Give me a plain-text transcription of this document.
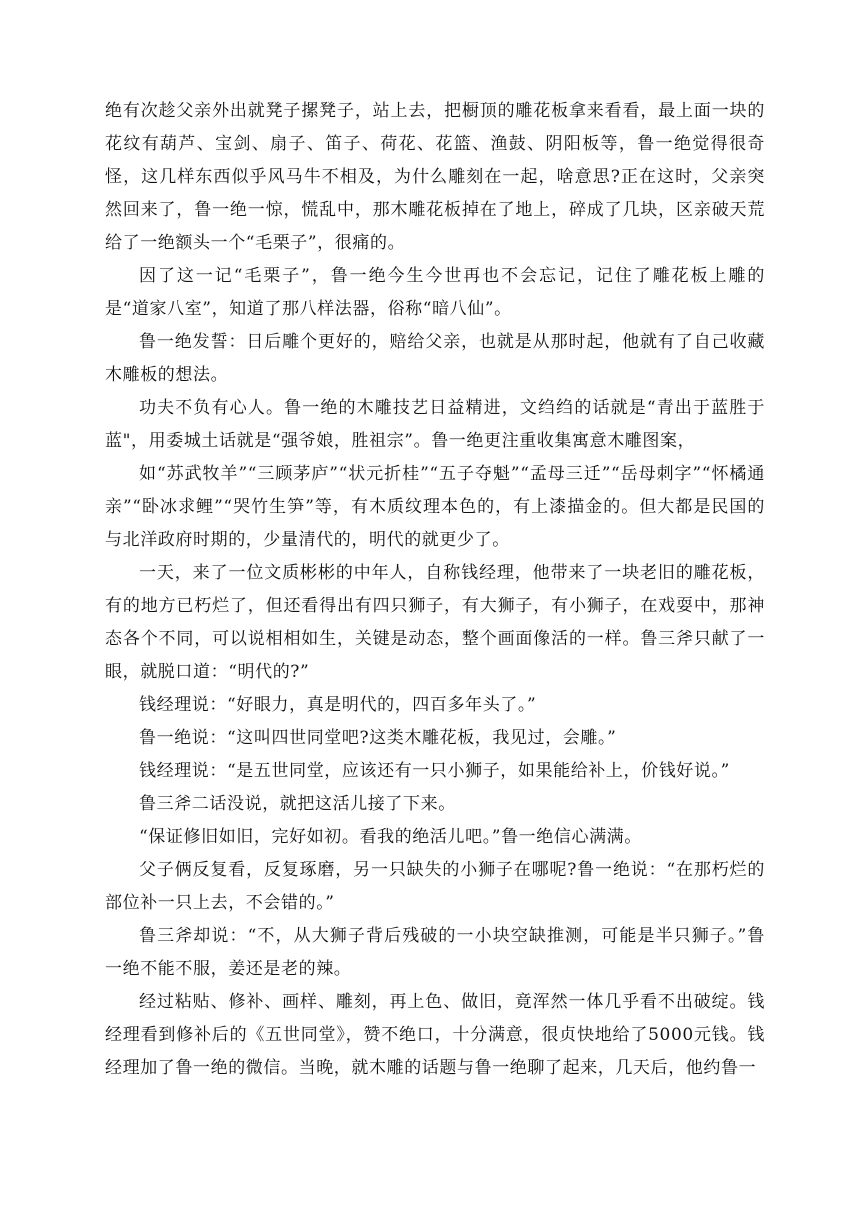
绝有次趁父亲外出就凳子摞凳子，站上去，把橱顶的雕花板拿来看看，最上面一块的花纹有葫芦、宝剑、扇子、笛子、荷花、花篮、渔鼓、阴阳板等，鲁一绝觉得很奇怪，这几样东西似乎风马牛不相及，为什么雕刻在一起，啥意思?正在这时，父亲突然回来了，鲁一绝一惊，慌乱中，那木雕花板掉在了地上，碎成了几块，区亲破天荒给了一绝额头一个“毛栗子”，很痛的。

因了这一记“毛栗子”，鲁一绝今生今世再也不会忘记，记住了雕花板上雕的是“道家八室”，知道了那八样法器，俗称“暗八仙”。

鲁一绝发誓：日后雕个更好的，赔给父亲，也就是从那时起，他就有了自己收藏木雕板的想法。

功夫不负有心人。鲁一绝的木雕技艺日益精进，文绉绉的话就是“青出于蓝胜于蓝"，用委城土话就是“强爷娘，胜祖宗”。鲁一绝更注重收集寓意木雕图案，

如“苏武牧羊”“三顾茅庐”“状元折桂”“五子夺魁”“孟母三迁”“岳母刺字”“怀橘通亲”“卧冰求鲤”“哭竹生笋”等，有木质纹理本色的，有上漆描金的。但大都是民国的与北洋政府时期的，少量清代的，明代的就更少了。

一天，来了一位文质彬彬的中年人，自称钱经理，他带来了一块老旧的雕花板，有的地方已朽烂了，但还看得出有四只狮子，有大狮子，有小狮子，在戏耍中，那神态各个不同，可以说相相如生，关键是动态，整个画面像活的一样。鲁三斧只献了一眼，就脱口道：“明代的?”

钱经理说：“好眼力，真是明代的，四百多年头了。”

鲁一绝说：“这叫四世同堂吧?这类木雕花板，我见过，会雕。”

钱经理说：“是五世同堂，应该还有一只小狮子，如果能给补上，价钱好说。”

鲁三斧二话没说，就把这活儿接了下来。

“保证修旧如旧，完好如初。看我的绝活儿吧。”鲁一绝信心满满。

父子俩反复看，反复琢磨，另一只缺失的小狮子在哪呢?鲁一绝说：“在那朽烂的部位补一只上去，不会错的。”

鲁三斧却说：“不，从大狮子背后残破的一小块空缺推测，可能是半只狮子。”鲁一绝不能不服，姜还是老的辣。

经过粘贴、修补、画样、雕刻，再上色、做旧，竟浑然一体几乎看不出破绽。钱经理看到修补后的《五世同堂》，赞不绝口，十分满意，很贞快地给了5000元钱。钱经理加了鲁一绝的微信。当晚，就木雕的话题与鲁一绝聊了起来，几天后，他约鲁一
